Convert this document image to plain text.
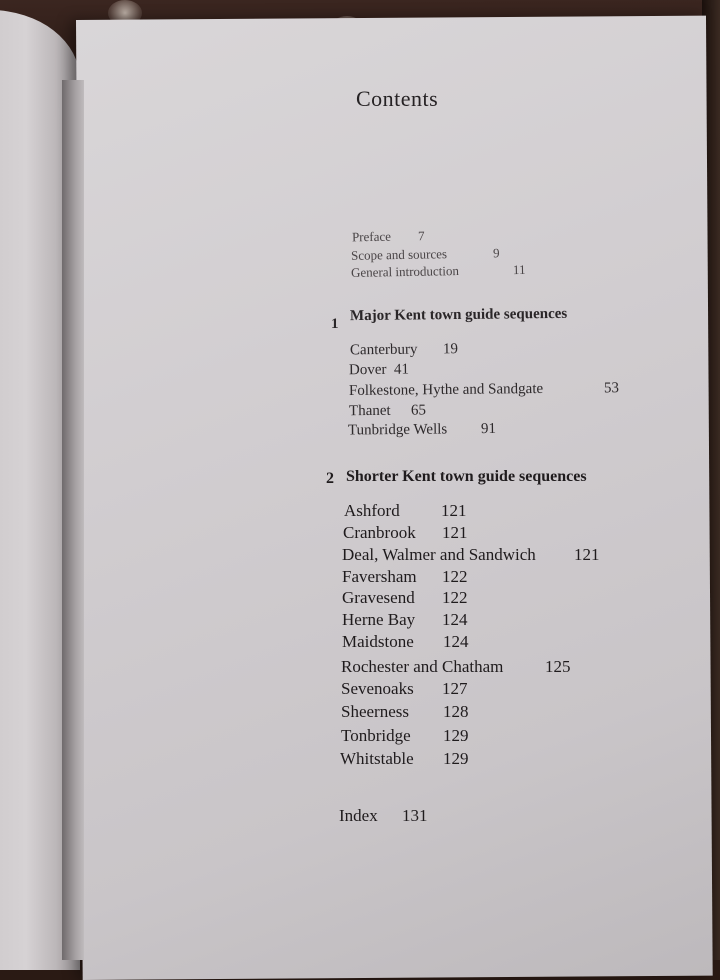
Contents
Preface 7
Scope and sources	9
General introduction	11
1 Major Kent town guide sequences
Canterbury 19
Dover 41
Folkestone, Hythe and Sandgate	53
Thanet 65
Tunbridge Wells 91
2 Shorter Kent town guide sequences
Ashford 121
Cranbrook 121
Deal, Walmer and Sandwich 121
Faversham 122
Gravesend 122
Herne Bay 124
Maidstone 124
Rochester and Chatham 125
Sevenoaks 127
Sheerness 128
Tonbridge 129
Whitstable 129
Index 131
